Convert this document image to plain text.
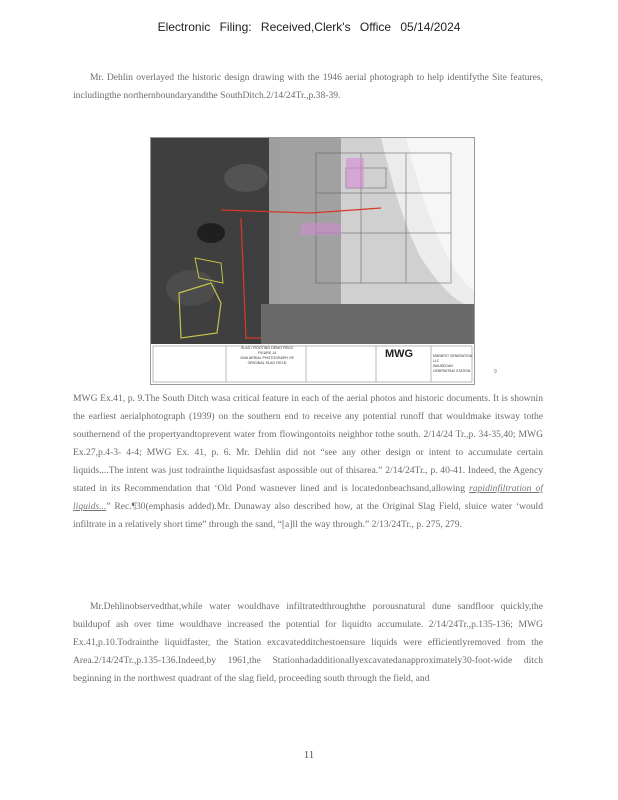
Electronic Filing: Received,Clerk's Office 05/14/2024

Mr. Dehlin overlayed the historic design drawing with the 1946 aerial photograph to help identifythe Site features, includingthe northernboundaryandthe SouthDitch.2/14/24Tr.,p.38-39.

SLAG / ROOTING DEMO FIELD
FIGURE 14
1946 AERIAL PHOTOGRAPH OF
ORIGINAL SLAG FIELD
MWG	MIDWEST GENERATION, LLC
WAUKEGAN
GENERATING STATION	9

MWG Ex.41, p. 9.The South Ditch wasa critical feature in each of the aerial photos and historic documents. It is shownin the earliest aerialphotograph (1939) on the southern end to receive any potential runoff that wouldmake itsway tothe southernend of the propertyandtoprevent water from flowingontoits neighbor tothe south. 2/14/24 Tr.,p. 34-35,40; MWG Ex.27,p.4-3- 4-4; MWG Ex. 41, p. 6. Mr. Dehlin did not “see any other design or intent to accumulate certain liquids....The intent was just todrainthe liquidsasfast aspossible out of thisarea.” 2/14/24Tr., p. 40-41. Indeed, the Agency stated in its Recommendation that ‘Old Pond wasnever lined and is locatedonbeachsand,allowing rapidinfiltration of liquids...” Rec.¶30(emphasis added).Mr. Dunaway also described how, at the Original Slag Field, sluice water ‘would infiltrate in a relatively short time” through the sand, “[a]ll the way through.” 2/13/24Tr., p. 275, 279.

Mr.Dehlinobservedthat,while water wouldhave infiltratedthroughthe porousnatural dune sandfloor quickly,the buildupof ash over time wouldhave increased the potential for liquidto accumulate. 2/14/24Tr.,p.135-136; MWG Ex.41,p.10.Todrainthe liquidfaster, the Station excavatedditchestoensure liquids were efficientlyremoved from the Area.2/14/24Tr.,p.135-136.Indeed,by 1961,the Stationhadadditionallyexcavatedanapproximately30-foot-wide ditch beginning in the northwest quadrant of the slag field, proceeding south through the field, and

11
